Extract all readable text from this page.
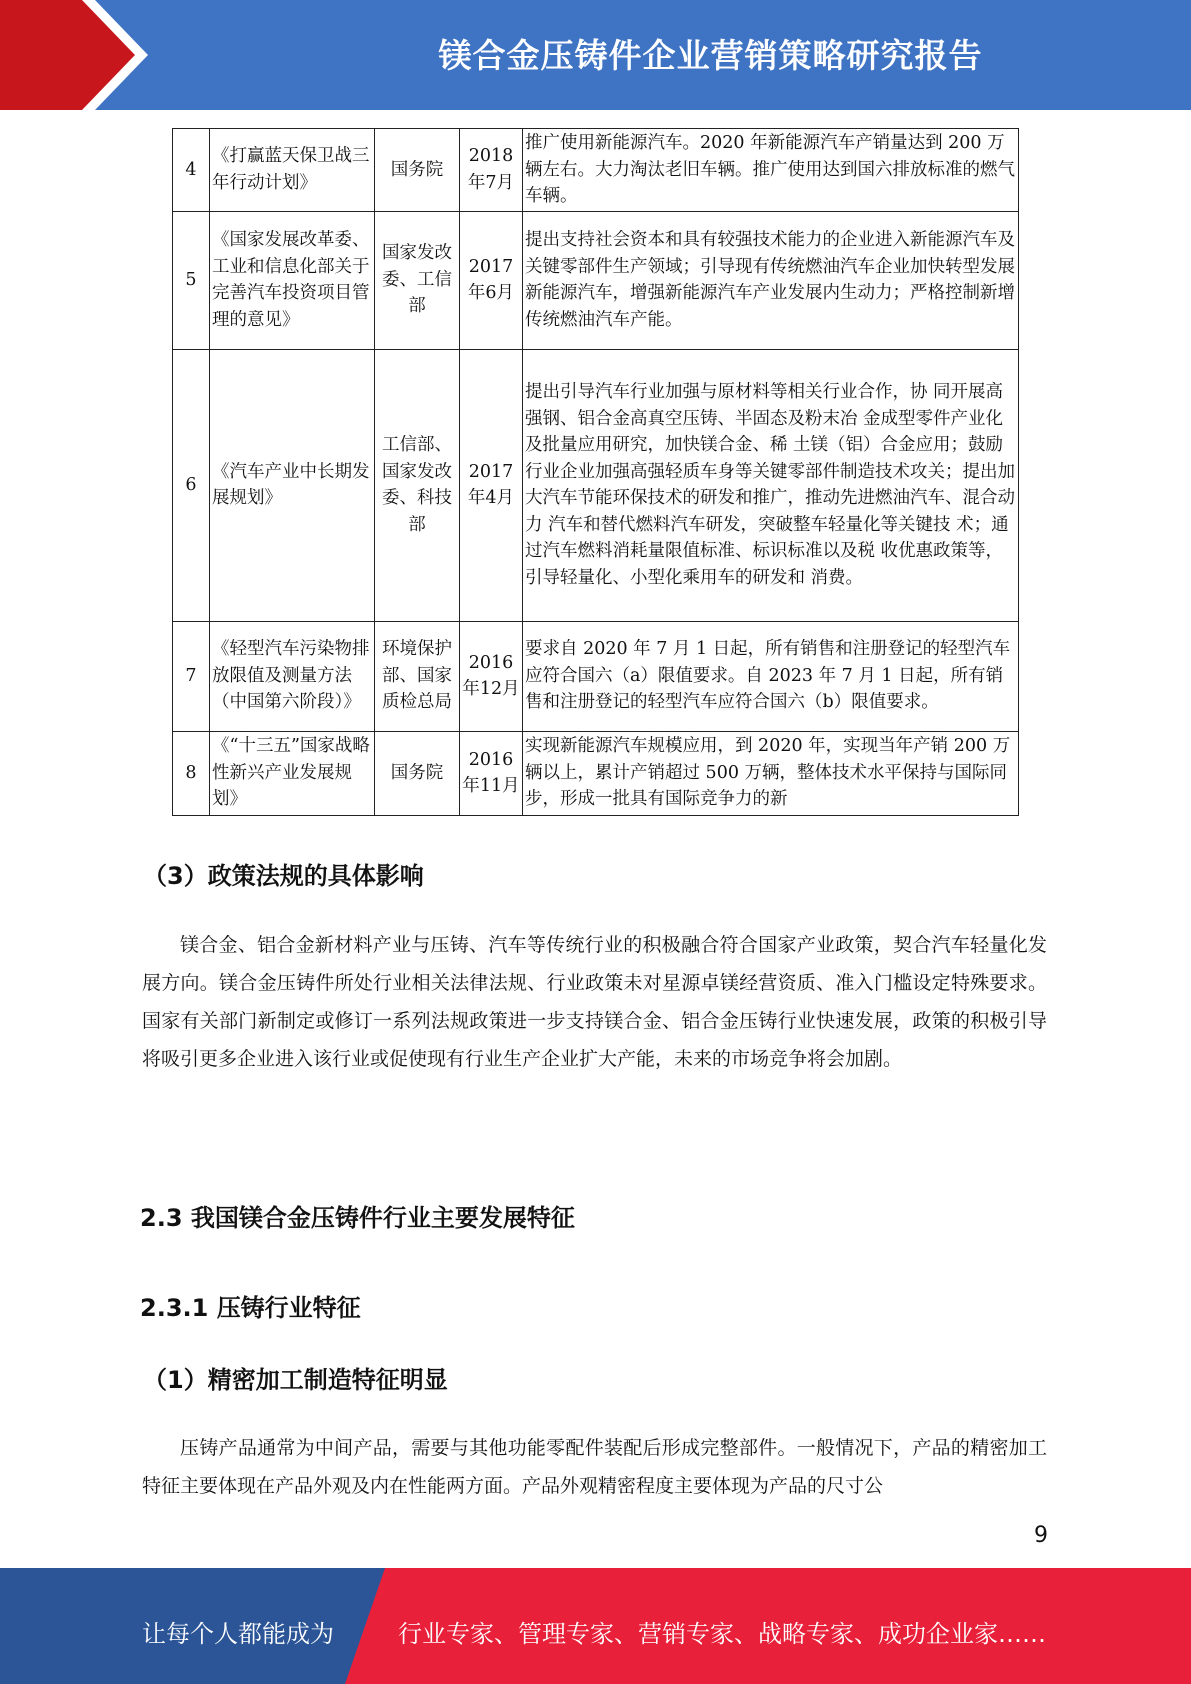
镁合金压铸件企业营销策略研究报告
4	《打赢蓝天保卫战三年行动计划》	国务院	2018年7月	推广使用新能源汽车。2020 年新能源汽车产销量达到 200 万辆左右。大力淘汰老旧车辆。推广使用达到国六排放标准的燃气车辆。
5	《国家发展改革委、工业和信息化部关于完善汽车投资项目管理的意见》	国家发改委、工信部	2017年6月	提出支持社会资本和具有较强技术能力的企业进入新能源汽车及关键零部件生产领域；引导现有传统燃油汽车企业加快转型发展新能源汽车，增强新能源汽车产业发展内生动力；严格控制新增传统燃油汽车产能。
6	《汽车产业中长期发展规划》	工信部、国家发改委、科技部	2017年4月	提出引导汽车行业加强与原材料等相关行业合作，协 同开展高强钢、铝合金高真空压铸、半固态及粉末冶 金成型零件产业化及批量应用研究，加快镁合金、稀 土镁（铝）合金应用；鼓励行业企业加强高强轻质车身等关键零部件制造技术攻关；提出加大汽车节能环保技术的研发和推广，推动先进燃油汽车、混合动力 汽车和替代燃料汽车研发，突破整车轻量化等关键技 术；通过汽车燃料消耗量限值标准、标识标准以及税 收优惠政策等，引导轻量化、小型化乘用车的研发和 消费。
7	《轻型汽车污染物排放限值及测量方法（中国第六阶段）》	环境保护部、国家质检总局	2016年12月	要求自 2020 年 7 月 1 日起，所有销售和注册登记的轻型汽车应符合国六（a）限值要求。自 2023 年 7 月 1 日起，所有销售和注册登记的轻型汽车应符合国六（b）限值要求。
8	《“十三五”国家战略性新兴产业发展规划》	国务院	2016年11月	实现新能源汽车规模应用，到 2020 年，实现当年产销 200 万辆以上，累计产销超过 500 万辆，整体技术水平保持与国际同步，形成一批具有国际竞争力的新
（3）政策法规的具体影响
镁合金、铝合金新材料产业与压铸、汽车等传统行业的积极融合符合国家产业政策，契合汽车轻量化发展方向。镁合金压铸件所处行业相关法律法规、行业政策未对星源卓镁经营资质、准入门槛设定特殊要求。国家有关部门新制定或修订一系列法规政策进一步支持镁合金、铝合金压铸行业快速发展，政策的积极引导将吸引更多企业进入该行业或促使现有行业生产企业扩大产能，未来的市场竞争将会加剧。
2.3 我国镁合金压铸件行业主要发展特征
2.3.1 压铸行业特征
（1）精密加工制造特征明显
压铸产品通常为中间产品，需要与其他功能零配件装配后形成完整部件。一般情况下，产品的精密加工特征主要体现在产品外观及内在性能两方面。产品外观精密程度主要体现为产品的尺寸公
9
让每个人都能成为	行业专家、管理专家、营销专家、战略专家、成功企业家……
